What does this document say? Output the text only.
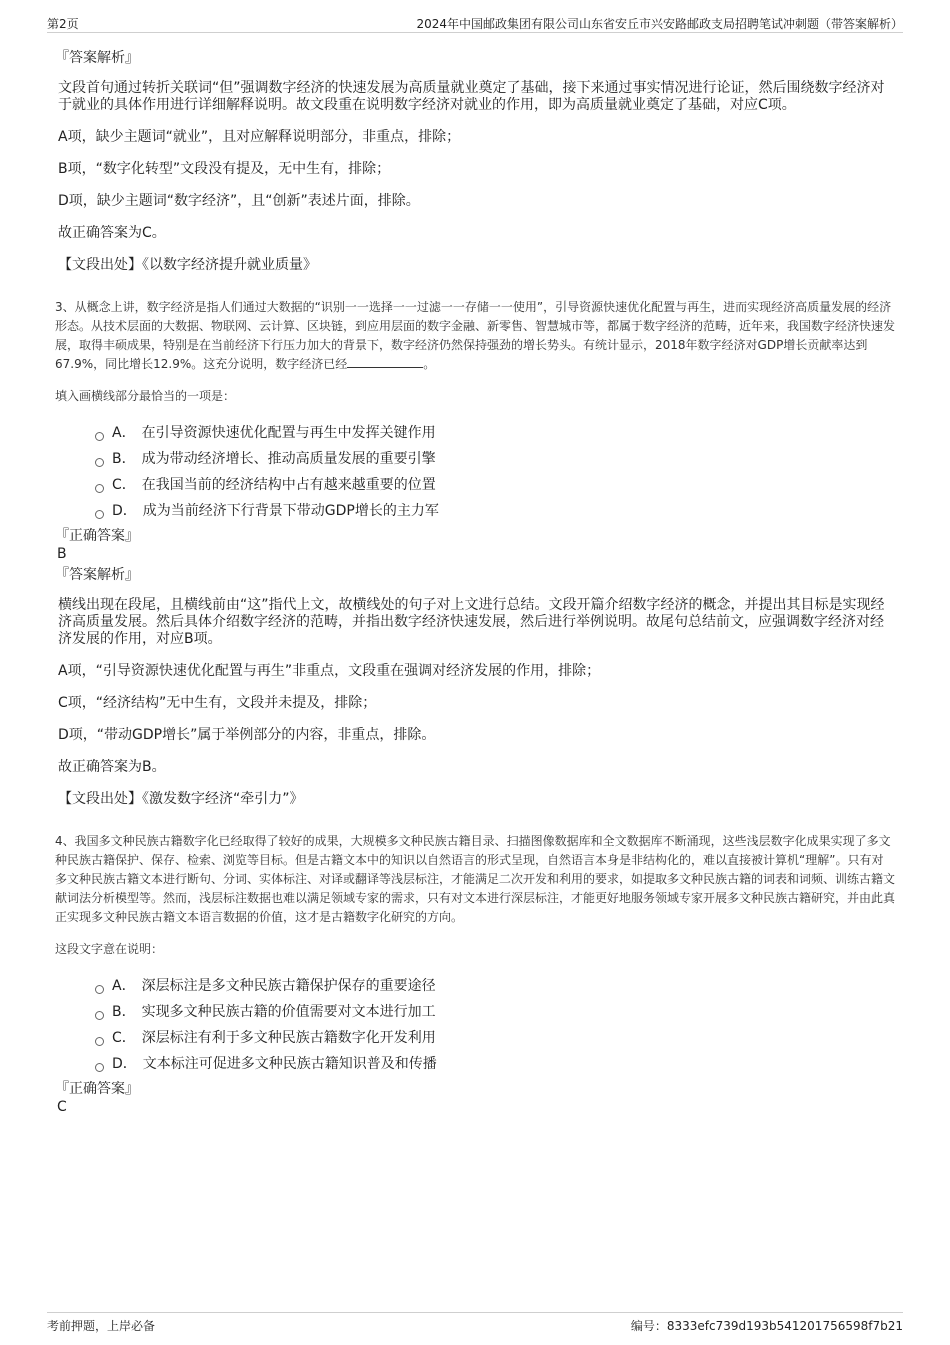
第2页	2024年中国邮政集团有限公司山东省安丘市兴安路邮政支局招聘笔试冲刺题（带答案解析）

『答案解析』

文段首句通过转折关联词“但”强调数字经济的快速发展为高质量就业奠定了基础，接下来通过事实情况进行论证，然后围绕数字经济对于就业的具体作用进行详细解释说明。故文段重在说明数字经济对就业的作用，即为高质量就业奠定了基础，对应C项。

A项，缺少主题词“就业”，且对应解释说明部分，非重点，排除；

B项，“数字化转型”文段没有提及，无中生有，排除；

D项，缺少主题词“数字经济”，且“创新”表述片面，排除。

故正确答案为C。

【文段出处】《以数字经济提升就业质量》

3、从概念上讲，数字经济是指人们通过大数据的“识别一一选择一一过滤一一存储一一使用”，引导资源快速优化配置与再生，进而实现经济高质量发展的经济形态。从技术层面的大数据、物联网、云计算、区块链，到应用层面的数字金融、新零售、智慧城市等，都属于数字经济的范畴，近年来，我国数字经济快速发展，取得丰硕成果，特别是在当前经济下行压力加大的背景下，数字经济仍然保持强劲的增长势头。有统计显示，2018年数字经济对GDP增长贡献率达到67.9%，同比增长12.9%。这充分说明，数字经济已经	。

填入画横线部分最恰当的一项是：

A． 在引导资源快速优化配置与再生中发挥关键作用
B． 成为带动经济增长、推动高质量发展的重要引擎
C． 在我国当前的经济结构中占有越来越重要的位置
D． 成为当前经济下行背景下带动GDP增长的主力军

『正确答案』

B

『答案解析』

横线出现在段尾，且横线前由“这”指代上文，故横线处的句子对上文进行总结。文段开篇介绍数字经济的概念，并提出其目标是实现经济高质量发展。然后具体介绍数字经济的范畴，并指出数字经济快速发展，然后进行举例说明。故尾句总结前文，应强调数字经济对经济发展的作用，对应B项。

A项，“引导资源快速优化配置与再生”非重点，文段重在强调对经济发展的作用，排除；

C项，“经济结构”无中生有，文段并未提及，排除；

D项，“带动GDP增长”属于举例部分的内容，非重点，排除。

故正确答案为B。

【文段出处】《激发数字经济“牵引力”》

4、我国多文种民族古籍数字化已经取得了较好的成果，大规模多文种民族古籍目录、扫描图像数据库和全文数据库不断涌现，这些浅层数字化成果实现了多文种民族古籍保护、保存、检索、浏览等目标。但是古籍文本中的知识以自然语言的形式呈现，自然语言本身是非结构化的，难以直接被计算机“理解”。只有对多文种民族古籍文本进行断句、分词、实体标注、对译或翻译等浅层标注，才能满足二次开发和利用的要求，如提取多文种民族古籍的词表和词频、训练古籍文献词法分析模型等。然而，浅层标注数据也难以满足领域专家的需求，只有对文本进行深层标注，才能更好地服务领域专家开展多文种民族古籍研究，并由此真正实现多文种民族古籍文本语言数据的价值，这才是古籍数字化研究的方向。

这段文字意在说明：

A． 深层标注是多文种民族古籍保护保存的重要途径
B． 实现多文种民族古籍的价值需要对文本进行加工
C． 深层标注有利于多文种民族古籍数字化开发利用
D． 文本标注可促进多文种民族古籍知识普及和传播

『正确答案』

C

考前押题，上岸必备	编号：8333efc739d193b541201756598f7b21
